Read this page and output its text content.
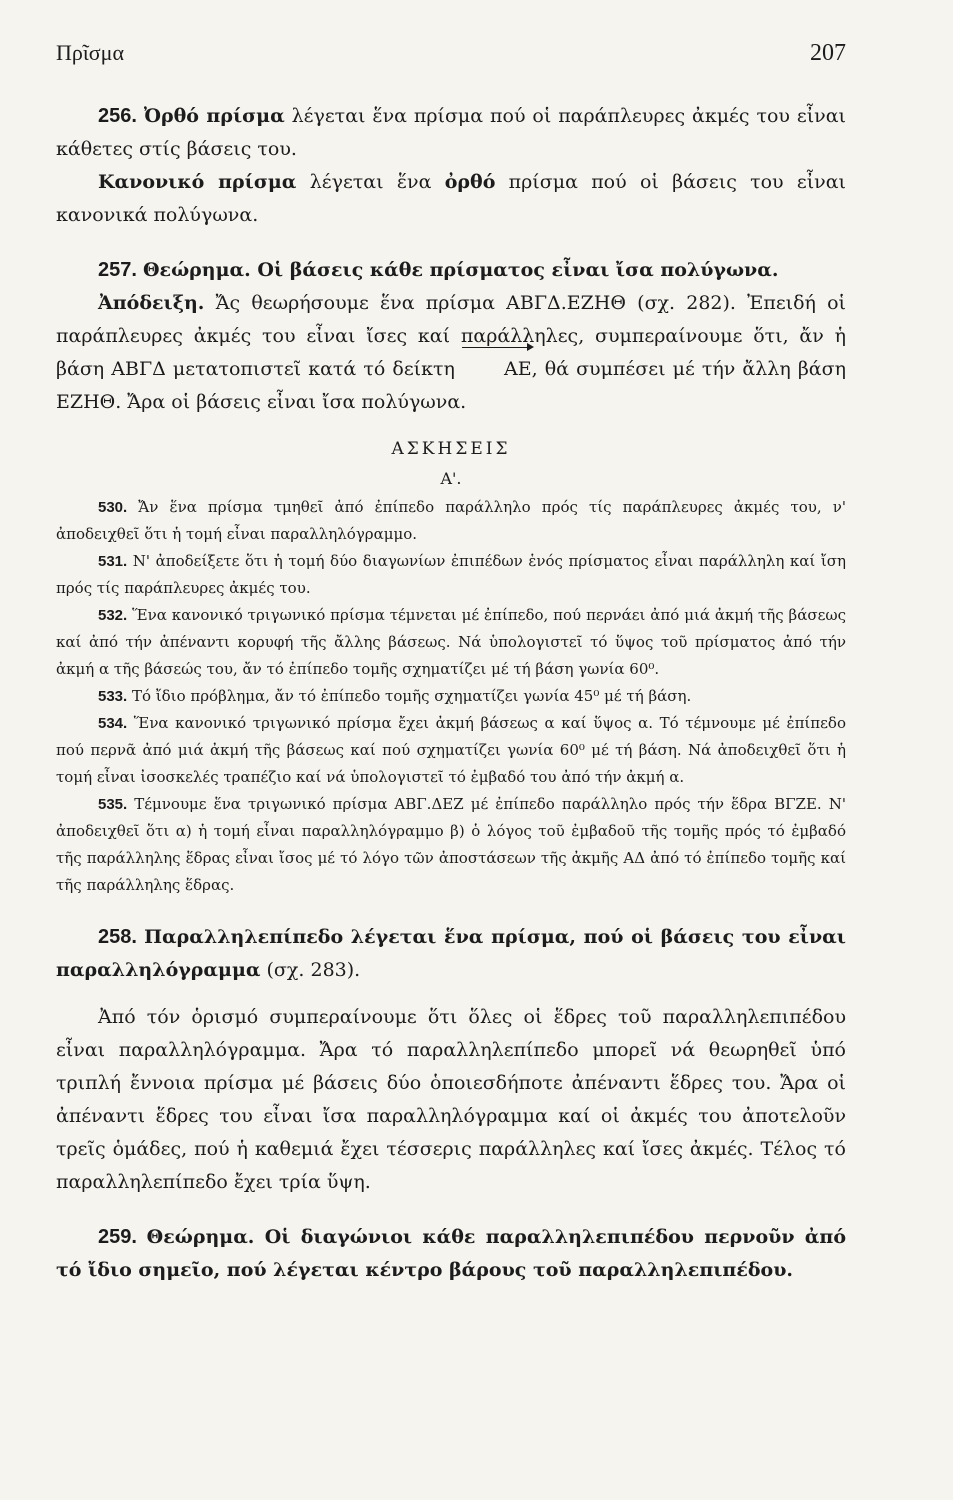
Πρῖσμα	207

256. Ὀρθό πρίσμα λέγεται ἕνα πρίσμα πού οἱ παράπλευρες ἀκμές του εἶναι κάθετες στίς βάσεις του.

Κανονικό πρίσμα λέγεται ἕνα ὀρθό πρίσμα πού οἱ βάσεις του εἶναι κανονικά πολύγωνα.

257. Θεώρημα. Οἱ βάσεις κάθε πρίσματος εἶναι ἴσα πολύγωνα.

Ἀπόδειξη. Ἄς θεωρήσουμε ἕνα πρίσμα ΑΒΓΔ.ΕΖΗΘ (σχ. 282). Ἐπειδή οἱ παράπλευρες ἀκμές του εἶναι ἴσες καί παράλληλες, συμπεραίνουμε ὅτι, ἄν ἡ βάση ΑΒΓΔ μετατοπιστεῖ κατά τό δείκτη ΑΕ, θά συμπέσει μέ τήν ἄλλη βάση ΕΖΗΘ. Ἄρα οἱ βάσεις εἶναι ἴσα πολύγωνα.

ΑΣΚΗΣΕΙΣ
Α'.

530. Ἄν ἕνα πρίσμα τμηθεῖ ἀπό ἐπίπεδο παράλληλο πρός τίς παράπλευρες ἀκμές του, ν' ἀποδειχθεῖ ὅτι ἡ τομή εἶναι παραλληλόγραμμο.

531. Ν' ἀποδείξετε ὅτι ἡ τομή δύο διαγωνίων ἐπιπέδων ἑνός πρίσματος εἶναι παράλληλη καί ἴση πρός τίς παράπλευρες ἀκμές του.

532. Ἕνα κανονικό τριγωνικό πρίσμα τέμνεται μέ ἐπίπεδο, πού περνάει ἀπό μιά ἀκμή τῆς βάσεως καί ἀπό τήν ἀπέναντι κορυφή τῆς ἄλλης βάσεως. Νά ὑπολογιστεῖ τό ὕψος τοῦ πρίσματος ἀπό τήν ἀκμή α τῆς βάσεώς του, ἄν τό ἐπίπεδο τομῆς σχηματίζει μέ τή βάση γωνία 60⁰.

533. Τό ἴδιο πρόβλημα, ἄν τό ἐπίπεδο τομῆς σχηματίζει γωνία 45⁰ μέ τή βάση.

534. Ἕνα κανονικό τριγωνικό πρίσμα ἔχει ἀκμή βάσεως α καί ὕψος α. Τό τέμνουμε μέ ἐπίπεδο πού περνᾶ ἀπό μιά ἀκμή τῆς βάσεως καί πού σχηματίζει γωνία 60⁰ μέ τή βάση. Νά ἀποδειχθεῖ ὅτι ἡ τομή εἶναι ἰσοσκελές τραπέζιο καί νά ὑπολογιστεῖ τό ἐμβαδό του ἀπό τήν ἀκμή α.

535. Τέμνουμε ἕνα τριγωνικό πρίσμα ΑΒΓ.ΔΕΖ μέ ἐπίπεδο παράλληλο πρός τήν ἕδρα ΒΓΖΕ. Ν' ἀποδειχθεῖ ὅτι α) ἡ τομή εἶναι παραλληλόγραμμο β) ὁ λόγος τοῦ ἐμβαδοῦ τῆς τομῆς πρός τό ἐμβαδό τῆς παράλληλης ἕδρας εἶναι ἴσος μέ τό λόγο τῶν ἀποστάσεων τῆς ἀκμῆς ΑΔ ἀπό τό ἐπίπεδο τομῆς καί τῆς παράλληλης ἕδρας.

258. Παραλληλεπίπεδο λέγεται ἕνα πρίσμα, πού οἱ βάσεις του εἶναι παραλληλόγραμμα (σχ. 283).

Ἀπό τόν ὁρισμό συμπεραίνουμε ὅτι ὅλες οἱ ἕδρες τοῦ παραλληλεπιπέδου εἶναι παραλληλόγραμμα. Ἄρα τό παραλληλεπίπεδο μπορεῖ νά θεωρηθεῖ ὑπό τριπλή ἔννοια πρίσμα μέ βάσεις δύο ὁποιεσδήποτε ἀπέναντι ἕδρες του. Ἄρα οἱ ἀπέναντι ἕδρες του εἶναι ἴσα παραλληλόγραμμα καί οἱ ἀκμές του ἀποτελοῦν τρεῖς ὁμάδες, πού ἡ καθεμιά ἔχει τέσσερις παράλληλες καί ἴσες ἀκμές. Τέλος τό παραλληλεπίπεδο ἔχει τρία ὕψη.

259. Θεώρημα. Οἱ διαγώνιοι κάθε παραλληλεπιπέδου περνοῦν ἀπό τό ἴδιο σημεῖο, πού λέγεται κέντρο βάρους τοῦ παραλληλεπιπέδου.
